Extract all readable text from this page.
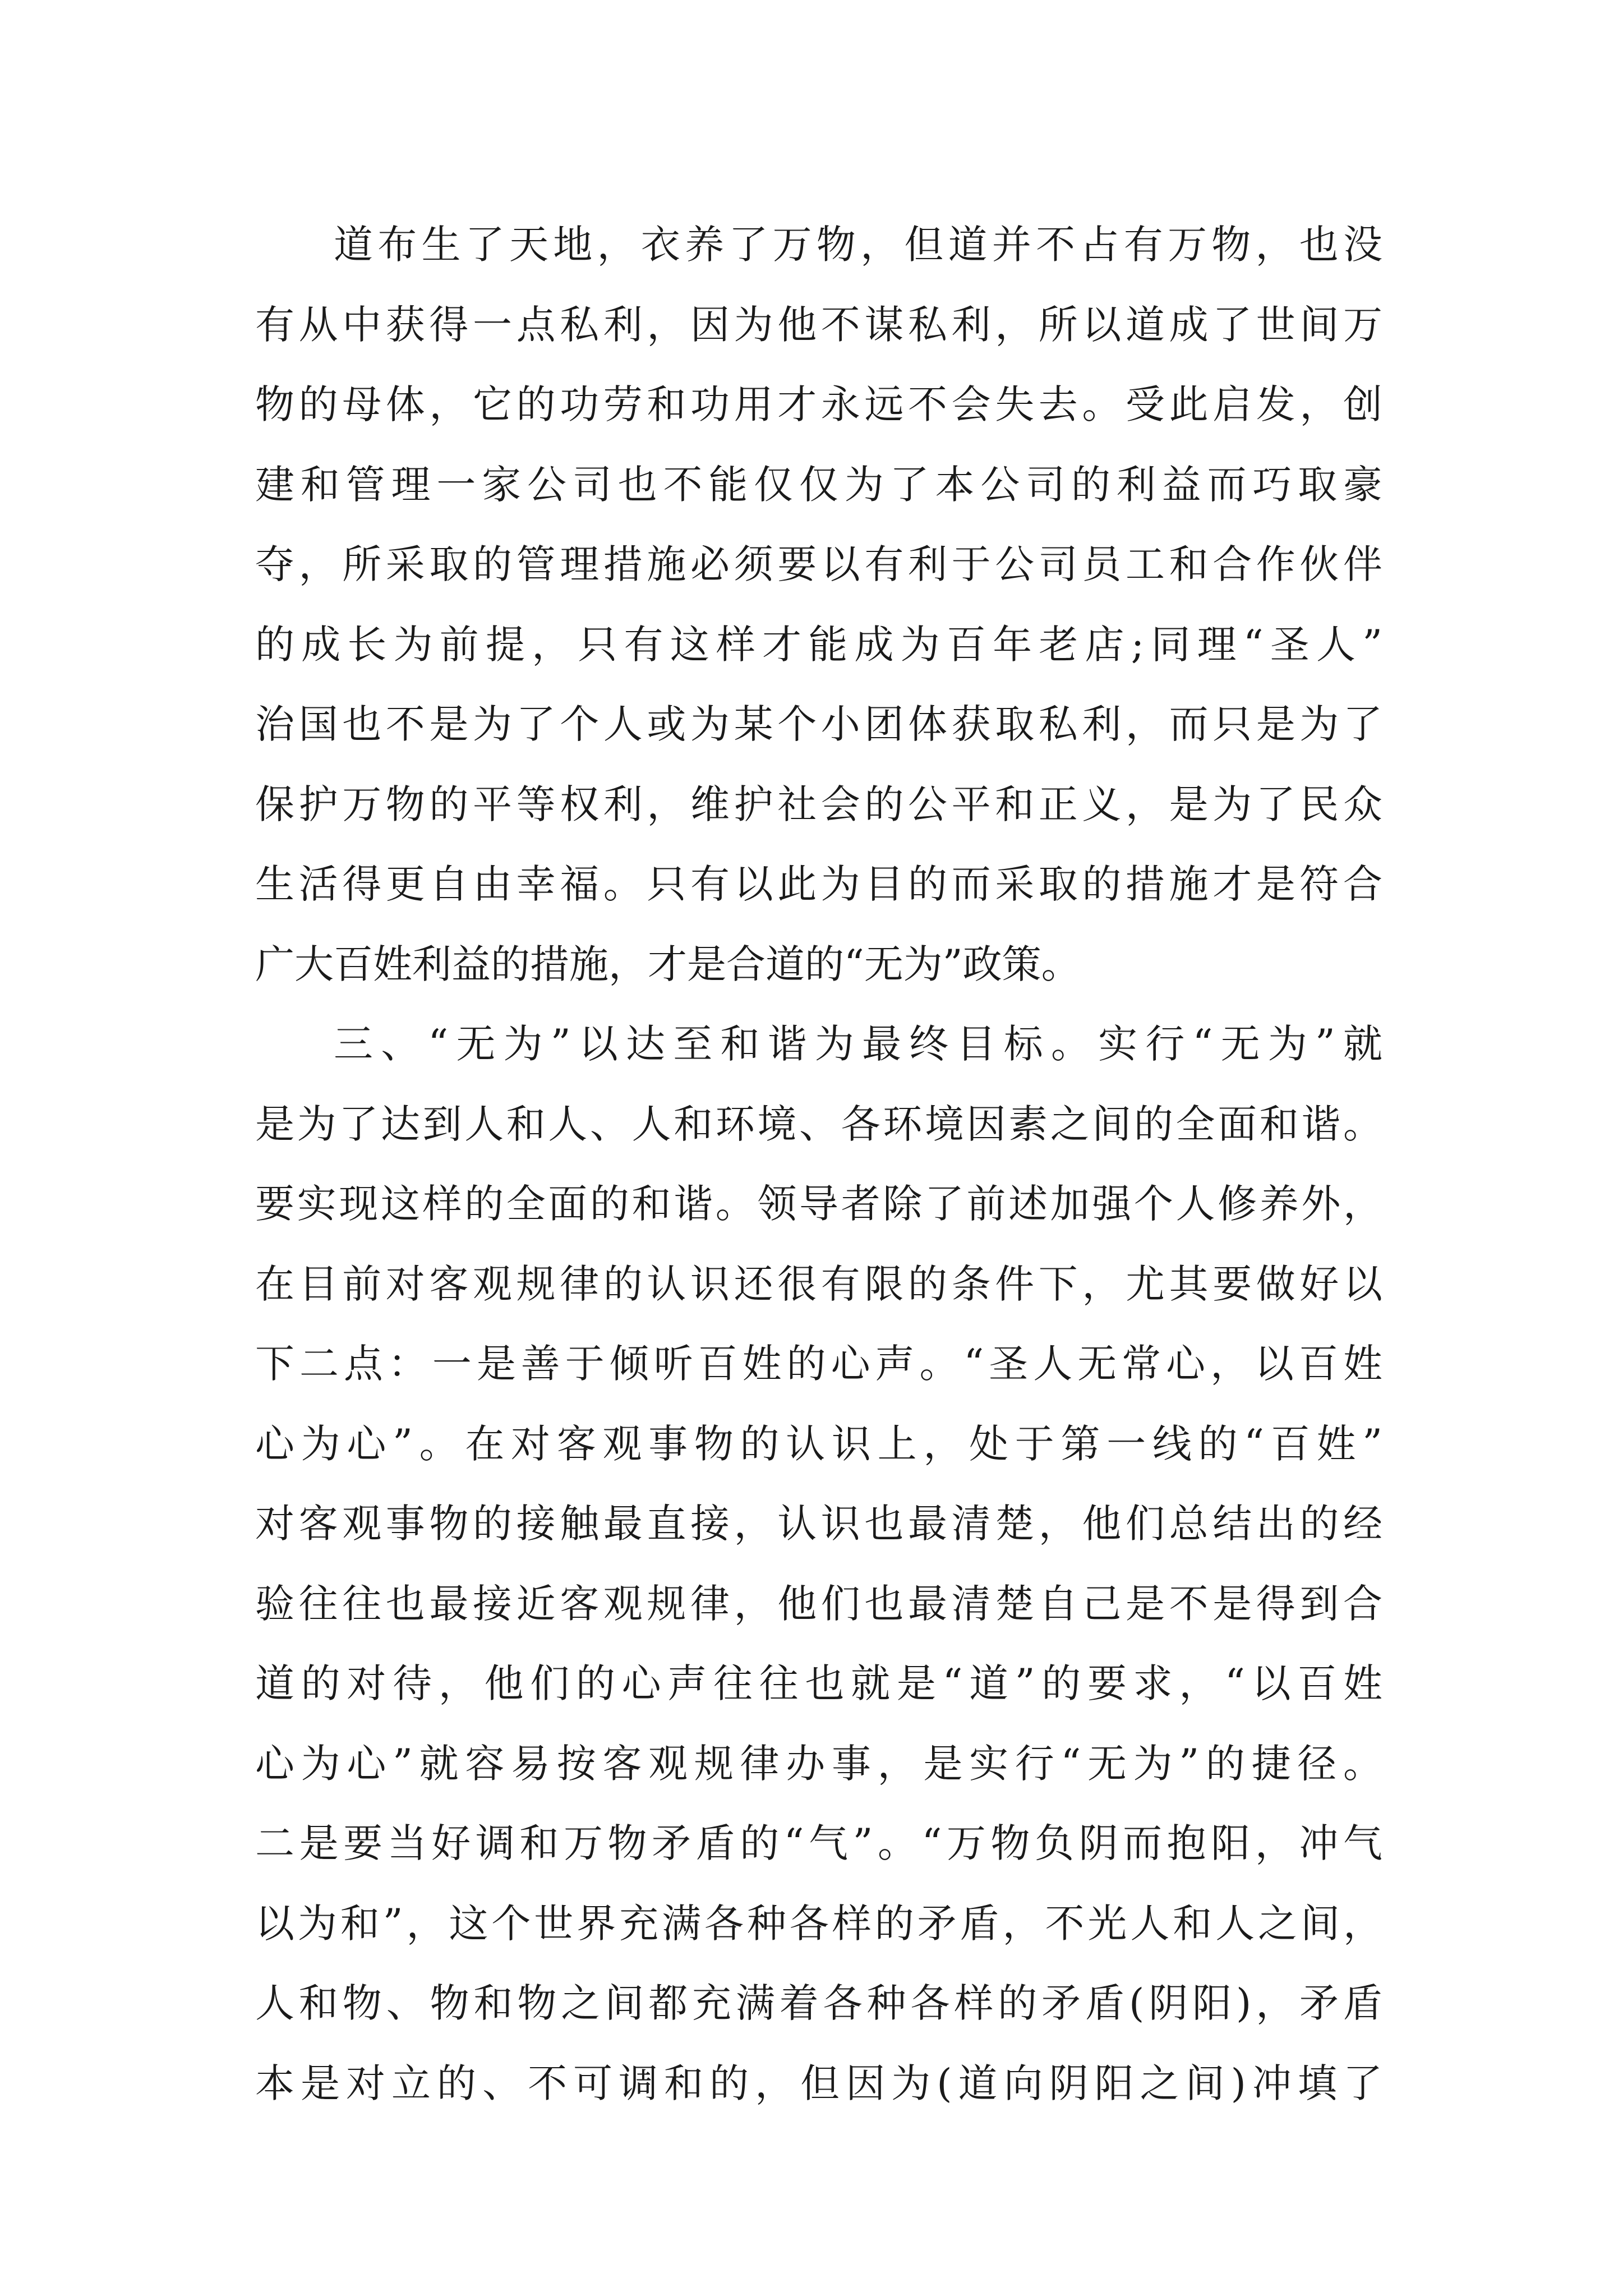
道布生了天地，衣养了万物，但道并不占有万物，也没
有从中获得一点私利，因为他不谋私利，所以道成了世间万
物的母体，它的功劳和功用才永远不会失去。受此启发，创
建和管理一家公司也不能仅仅为了本公司的利益而巧取豪
夺，所采取的管理措施必须要以有利于公司员工和合作伙伴
的成长为前提，只有这样才能成为百年老店;同理“圣人”
治国也不是为了个人或为某个小团体获取私利，而只是为了
保护万物的平等权利，维护社会的公平和正义，是为了民众
生活得更自由幸福。只有以此为目的而采取的措施才是符合
广大百姓利益的措施，才是合道的“无为”政策。
三、“无为”以达至和谐为最终目标。实行“无为”就
是为了达到人和人、人和环境、各环境因素之间的全面和谐。
要实现这样的全面的和谐。领导者除了前述加强个人修养外，
在目前对客观规律的认识还很有限的条件下，尤其要做好以
下二点：一是善于倾听百姓的心声。“圣人无常心，以百姓
心为心”。在对客观事物的认识上，处于第一线的“百姓”
对客观事物的接触最直接，认识也最清楚，他们总结出的经
验往往也最接近客观规律，他们也最清楚自己是不是得到合
道的对待，他们的心声往往也就是“道”的要求，“以百姓
心为心”就容易按客观规律办事，是实行“无为”的捷径。
二是要当好调和万物矛盾的“气”。“万物负阴而抱阳，冲气
以为和”，这个世界充满各种各样的矛盾，不光人和人之间，
人和物、物和物之间都充满着各种各样的矛盾(阴阳)，矛盾
本是对立的、不可调和的，但因为(道向阴阳之间)冲填了
